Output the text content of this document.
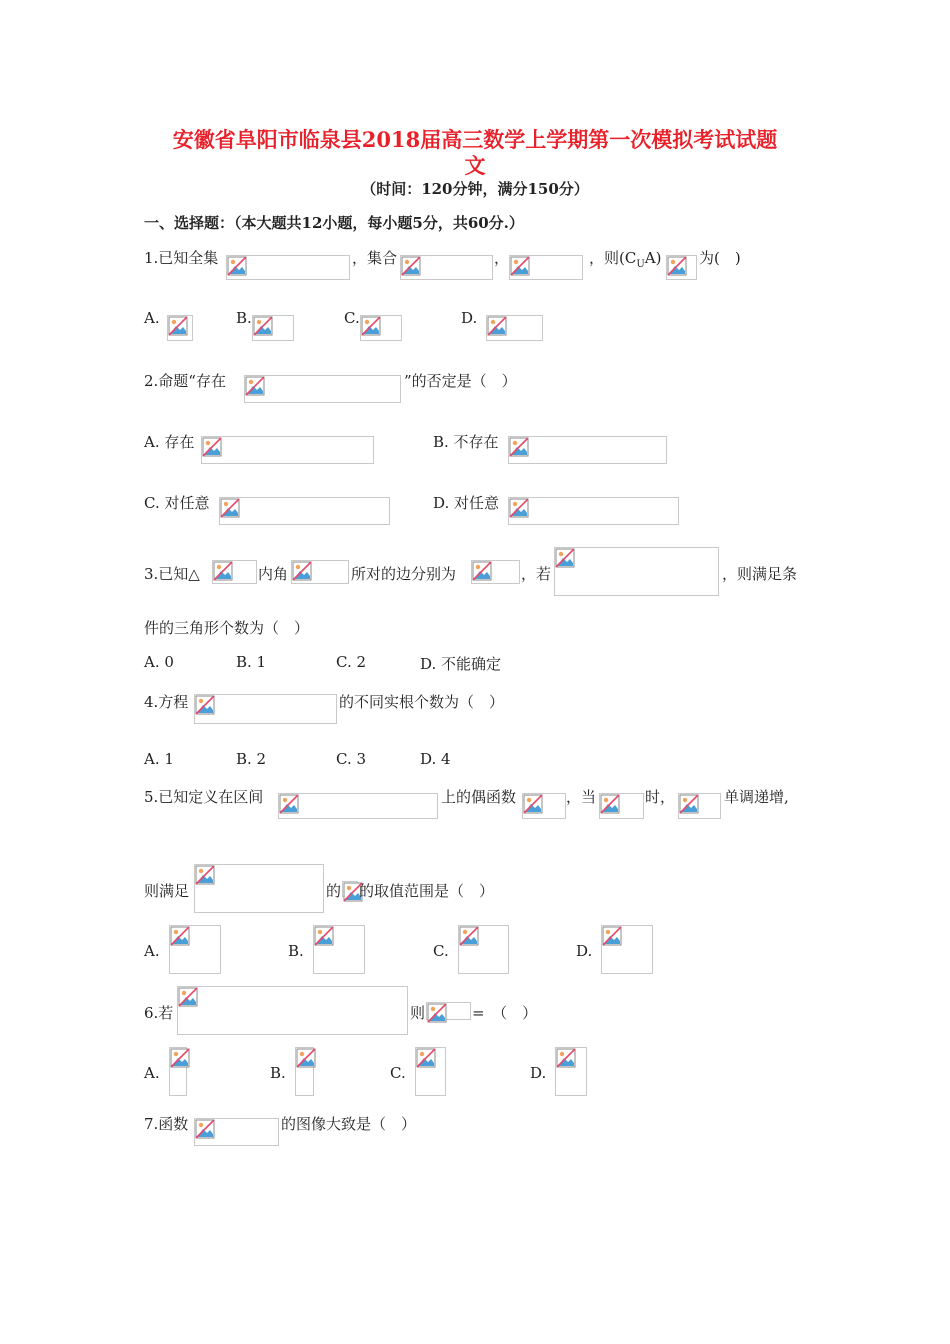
安徽省阜阳市临泉县2018届高三数学上学期第一次模拟考试试题
文
（时间：120分钟，满分150分）
一、选择题：（本大题共12小题，每小题5分，共60分.）
1.已知全集	，集合	，	，则$(C_UA)$	为(　)
A.	B.	C.	D.
2.命题“存在	”的否定是（　）
A. 存在	B. 不存在
C. 对任意	D. 对任意
3.已知△	内角	所对的边分别为	，若	，则满足条
件的三角形个数为（　）
A. 0	B. 1	C. 2	D. 不能确定
4.方程	的不同实根个数为（　）
A. 1	B. 2	C. 3	D. 4
5.已知定义在区间	上的偶函数	，当	时，	单调递增,
则满足	的 的取值范围是（　）
A.	B.	C.	D.
6.若	则	=　（　）
A.	B.	C.	D.
7.函数	的图像大致是（　）
